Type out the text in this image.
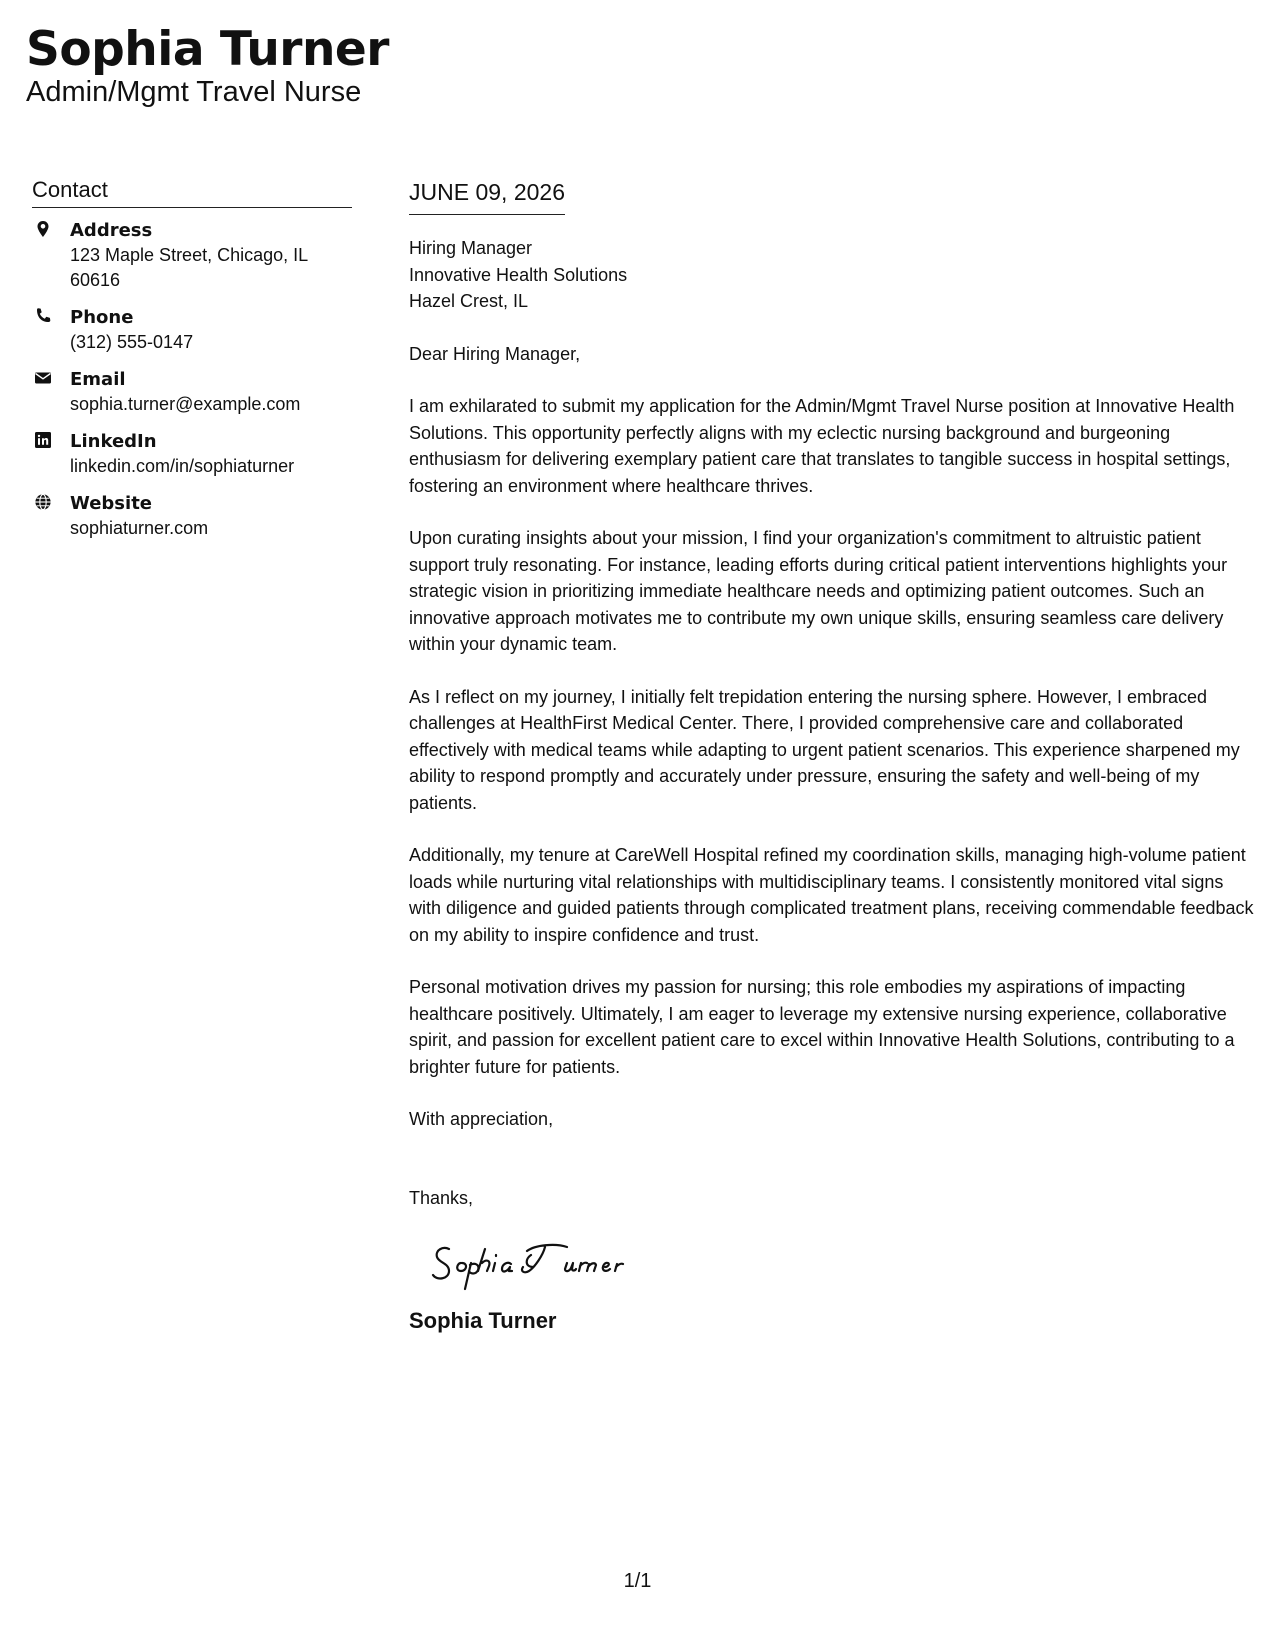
Sophia Turner
Admin/Mgmt Travel Nurse
Contact
Address
123 Maple Street, Chicago, IL 60616
Phone
(312) 555-0147
Email
sophia.turner@example.com
LinkedIn
linkedin.com/in/sophiaturner
Website
sophiaturner.com
JUNE 09, 2026
Hiring Manager
Innovative Health Solutions
Hazel Crest, IL
Dear Hiring Manager,
I am exhilarated to submit my application for the Admin/Mgmt Travel Nurse position at Innovative Health Solutions. This opportunity perfectly aligns with my eclectic nursing background and burgeoning enthusiasm for delivering exemplary patient care that translates to tangible success in hospital settings, fostering an environment where healthcare thrives.
Upon curating insights about your mission, I find your organization's commitment to altruistic patient support truly resonating. For instance, leading efforts during critical patient interventions highlights your strategic vision in prioritizing immediate healthcare needs and optimizing patient outcomes. Such an innovative approach motivates me to contribute my own unique skills, ensuring seamless care delivery within your dynamic team.
As I reflect on my journey, I initially felt trepidation entering the nursing sphere. However, I embraced challenges at HealthFirst Medical Center. There, I provided comprehensive care and collaborated effectively with medical teams while adapting to urgent patient scenarios. This experience sharpened my ability to respond promptly and accurately under pressure, ensuring the safety and well-being of my patients.
Additionally, my tenure at CareWell Hospital refined my coordination skills, managing high-volume patient loads while nurturing vital relationships with multidisciplinary teams. I consistently monitored vital signs with diligence and guided patients through complicated treatment plans, receiving commendable feedback on my ability to inspire confidence and trust.
Personal motivation drives my passion for nursing; this role embodies my aspirations of impacting healthcare positively. Ultimately, I am eager to leverage my extensive nursing experience, collaborative spirit, and passion for excellent patient care to excel within Innovative Health Solutions, contributing to a brighter future for patients.
With appreciation,
Thanks,
Sophia Turner
1/1
